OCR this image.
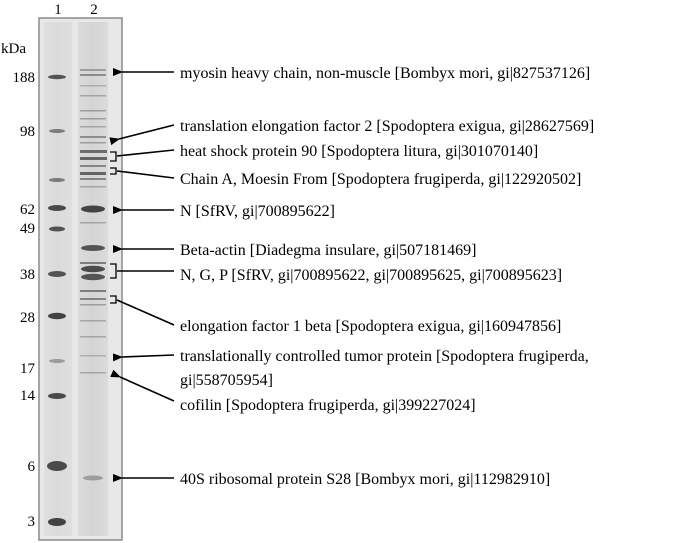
1 2
kDa
188
98
62
49
38
28
17
14
6
3
myosin heavy chain, non-muscle [Bombyx mori, gi|827537126]
translation elongation factor 2 [Spodoptera exigua, gi|28627569]
heat shock protein 90 [Spodoptera litura, gi|301070140]
Chain A, Moesin From [Spodoptera frugiperda, gi|122920502]
N [SfRV, gi|700895622]
Beta-actin [Diadegma insulare, gi|507181469]
N, G, P [SfRV, gi|700895622, gi|700895625, gi|700895623]
elongation factor 1 beta [Spodoptera exigua, gi|160947856]
translationally controlled tumor protein [Spodoptera frugiperda,
gi|558705954]
cofilin [Spodoptera frugiperda, gi|399227024]
40S ribosomal protein S28 [Bombyx mori, gi|112982910]
